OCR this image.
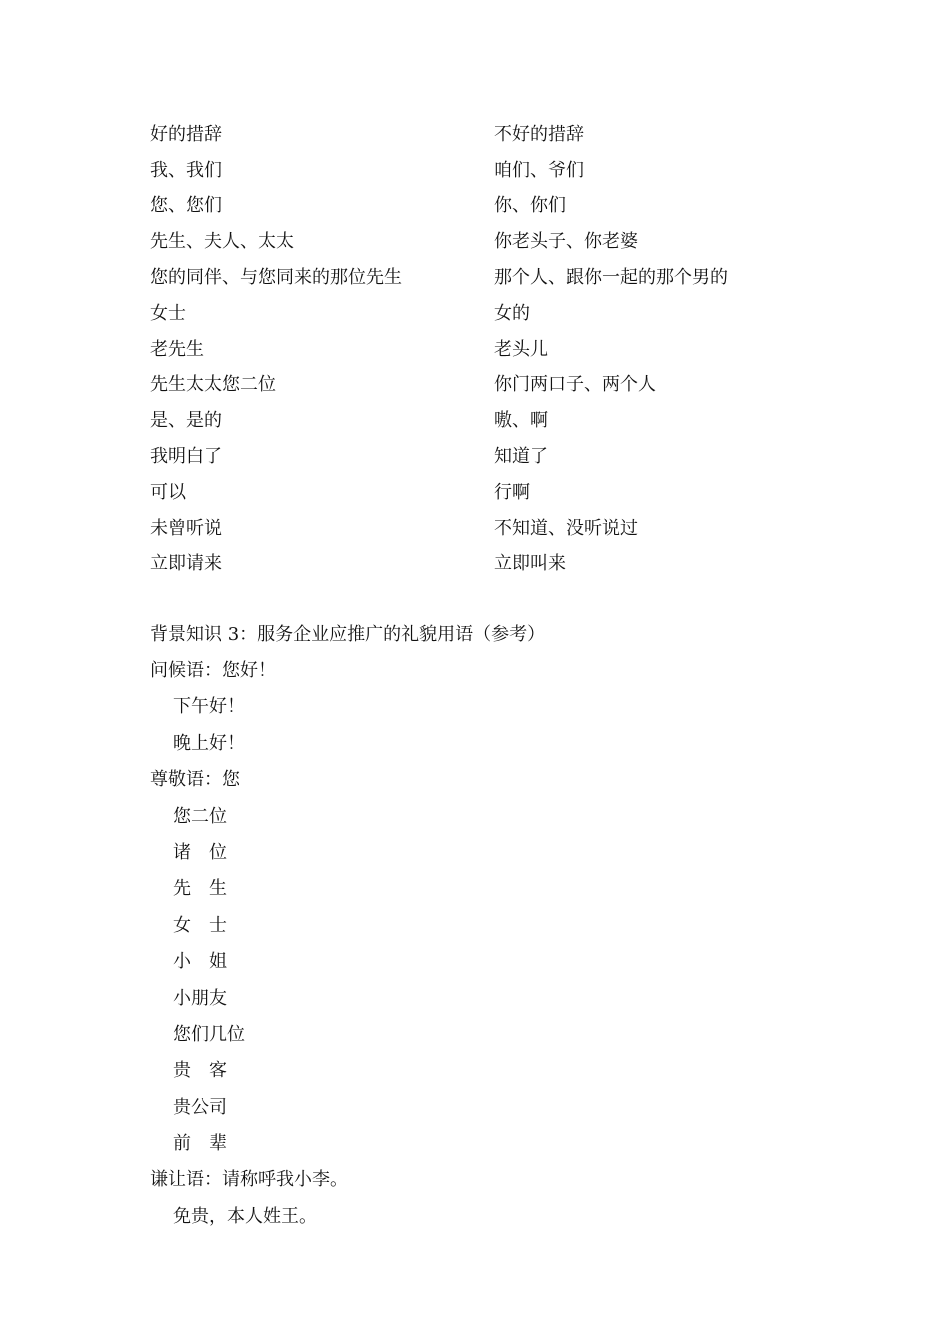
好的措辞	不好的措辞
我、我们	咱们、爷们
您、您们	你、你们
先生、夫人、太太	你老头子、你老婆
您的同伴、与您同来的那位先生	那个人、跟你一起的那个男的
女士	女的
老先生	老头儿
先生太太您二位	你门两口子、两个人
是、是的	嗷、啊
我明白了	知道了
可以	行啊
未曾听说	不知道、没听说过
立即请来	立即叫来
背景知识 3：服务企业应推广的礼貌用语（参考）
问候语：您好！
下午好！
晚上好！
尊敬语：您
您二位
诸　位
先　生
女　士
小　姐
小朋友
您们几位
贵　客
贵公司
前　辈
谦让语：请称呼我小李。
免贵，本人姓王。
